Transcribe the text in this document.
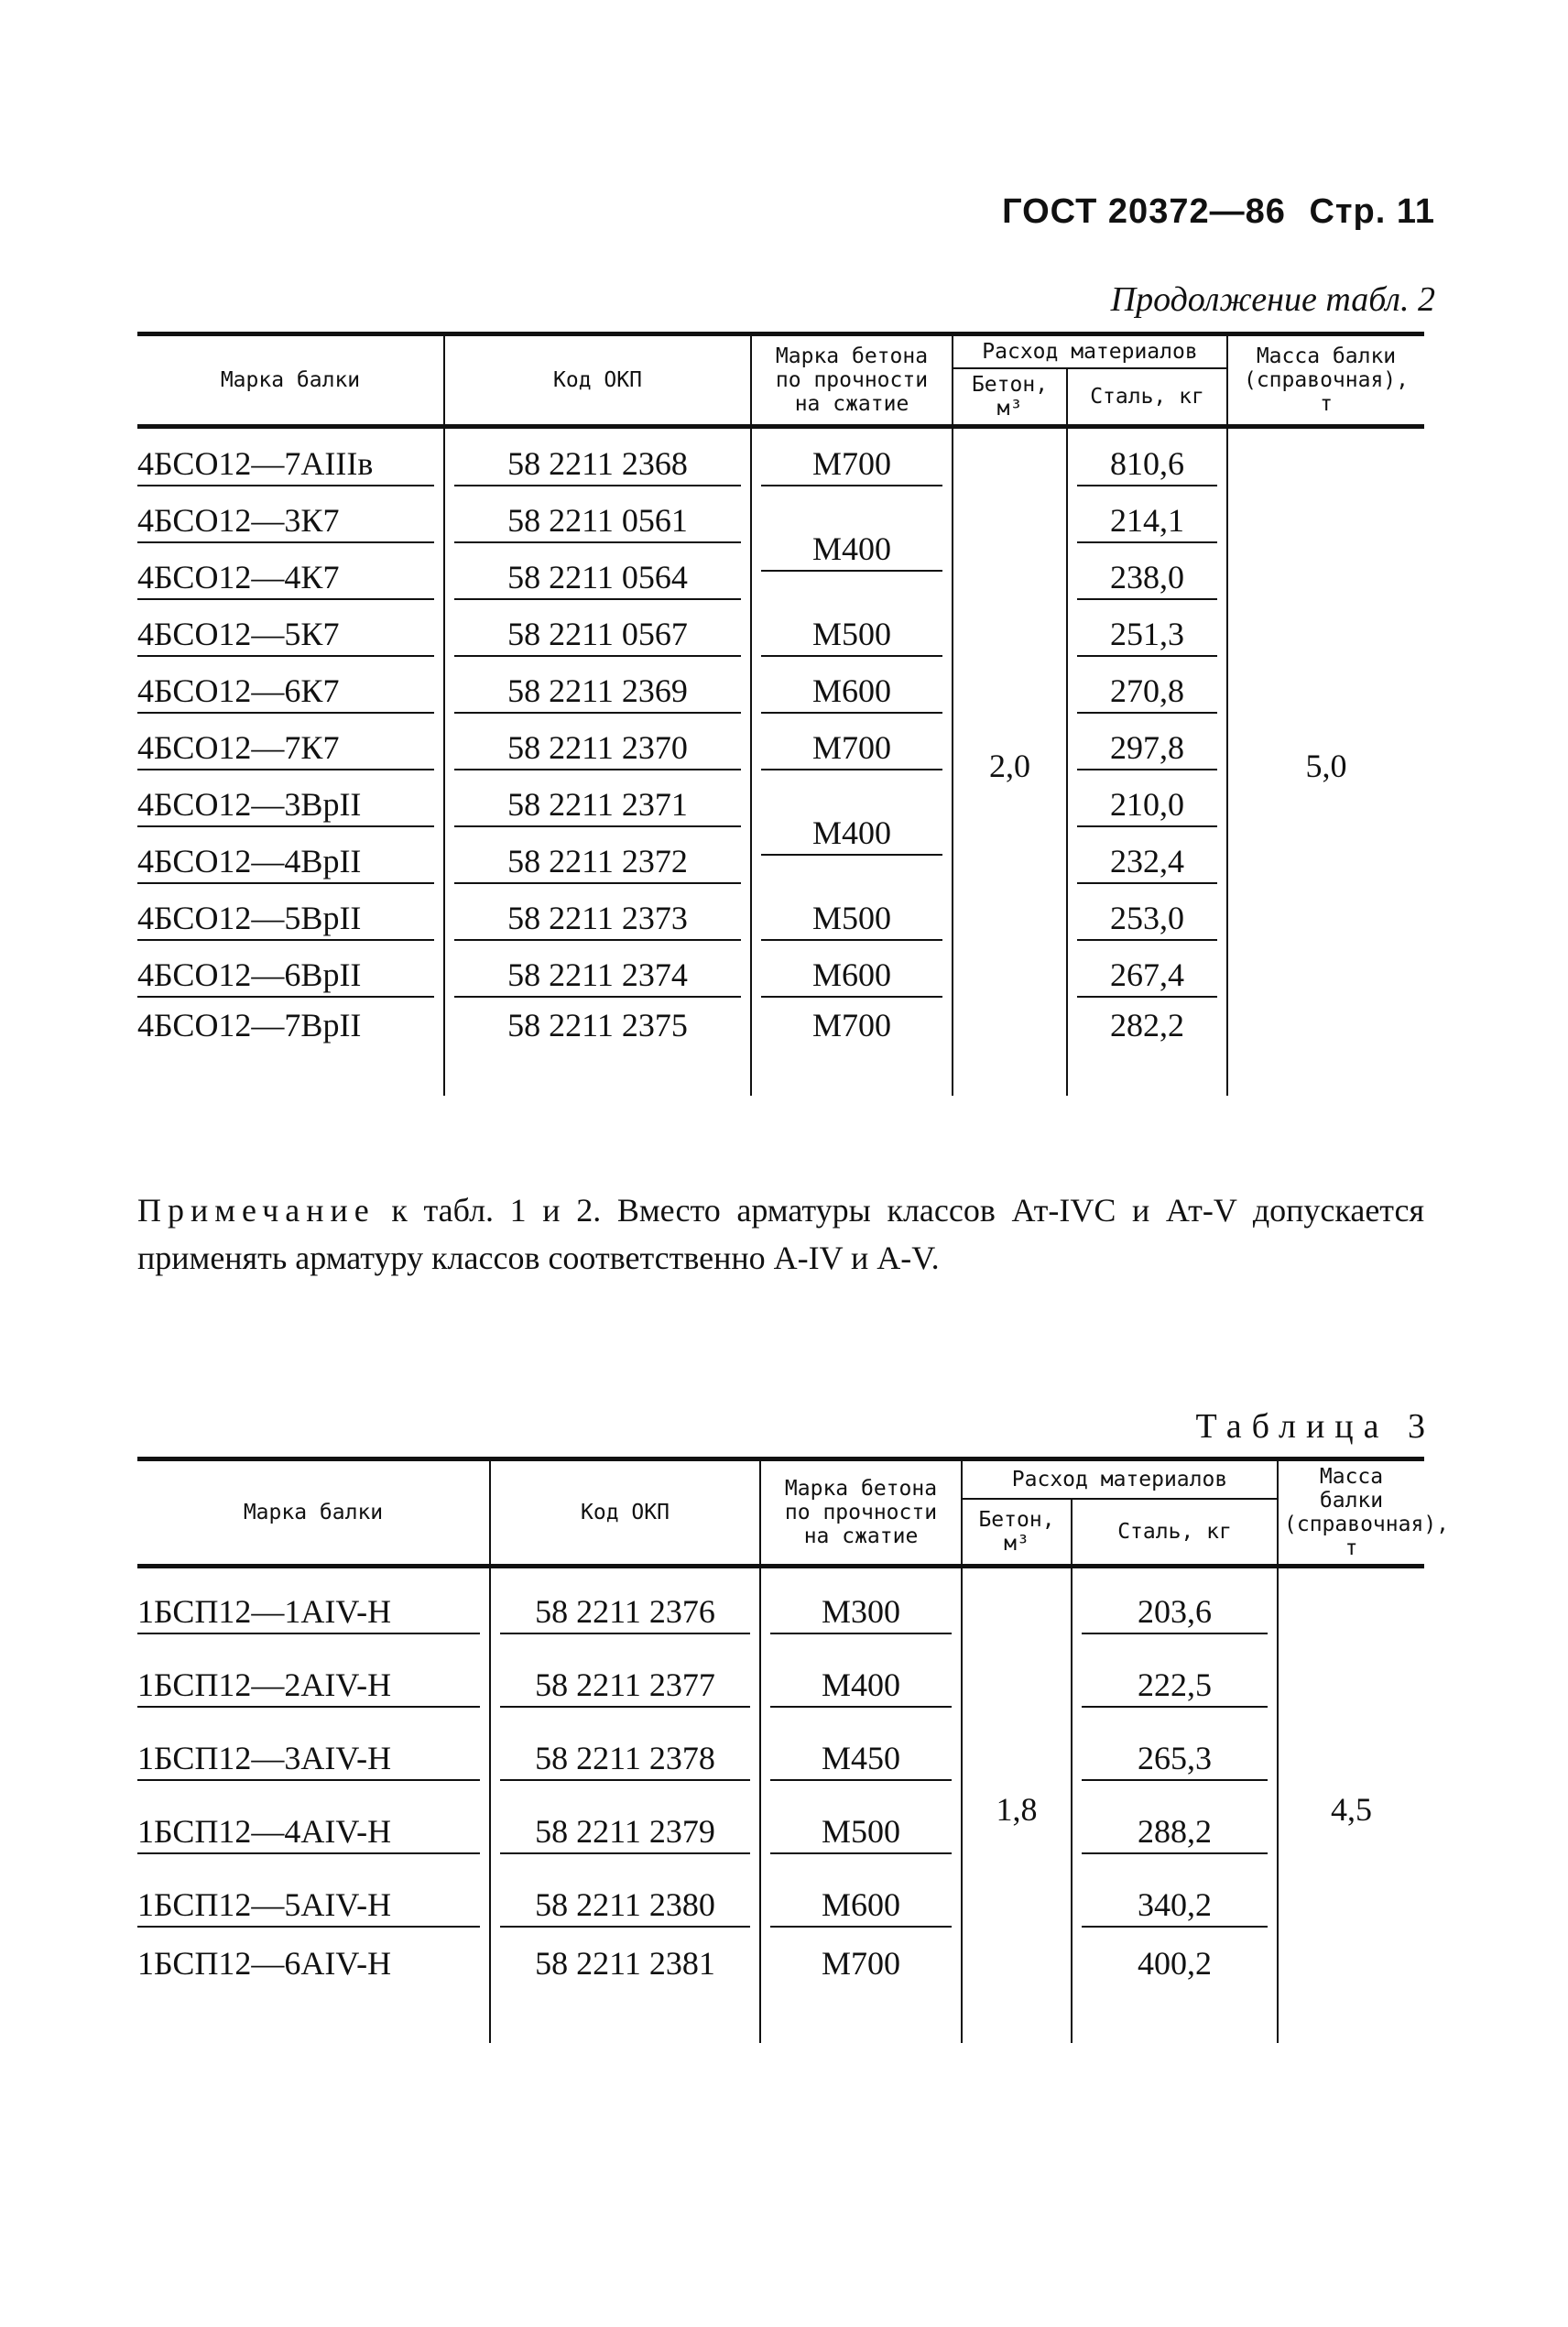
ГОСТ 20372—86 Стр. 11
Продолжение табл. 2
Марка балки	Код ОКП	Марка бетона по прочности на сжатие	Расход материалов		Масса балки (справочная), т
			Бетон, м³	Сталь, кг	

4БСО12—7АIIIв	58 2211 2368	М700	2,0	810,6	5,0

4БСО12—3К7	58 2211 0561	М400		214,1	

4БСО12—4К7	58 2211 0564			238,0	

4БСО12—5К7	58 2211 0567	М500		251,3	

4БСО12—6К7	58 2211 2369	М600		270,8	

4БСО12—7К7	58 2211 2370	М700		297,8	

4БСО12—3ВрII	58 2211 2371	М400		210,0	

4БСО12—4ВрII	58 2211 2372			232,4	

4БСО12—5ВрII	58 2211 2373	М500		253,0	

4БСО12—6ВрII	58 2211 2374	М600		267,4	

4БСО12—7ВрII	58 2211 2375	М700		282,2	
Примечание к табл. 1 и 2. Вместо арматуры классов Ат-IVС и Ат-V допускается применять арматуру классов соответственно А-IV и А-V.
Таблица 3
Марка балки	Код ОКП	Марка бетона по прочности на сжатие	Расход материалов		Масса балки (справочная), т
			Бетон, м³	Сталь, кг	

1БСП12—1АIV-Н	58 2211 2376	М300	1,8	203,6	4,5

1БСП12—2АIV-Н	58 2211 2377	М400		222,5	

1БСП12—3АIV-Н	58 2211 2378	М450		265,3	

1БСП12—4АIV-Н	58 2211 2379	М500		288,2	

1БСП12—5АIV-Н	58 2211 2380	М600		340,2	

1БСП12—6АIV-Н	58 2211 2381	М700		400,2	
